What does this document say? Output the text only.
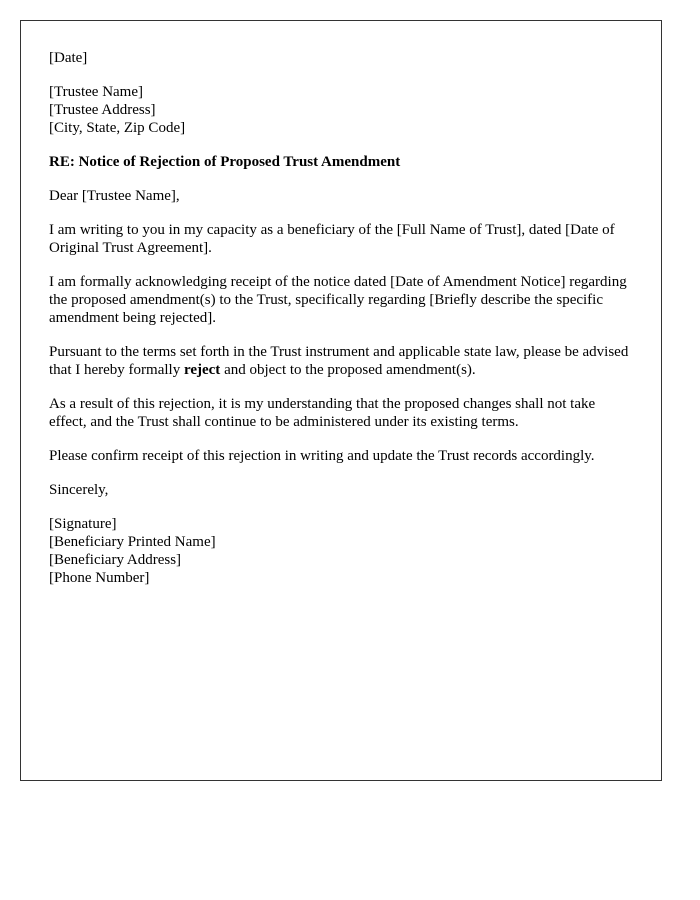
[Date]

[Trustee Name]
[Trustee Address]
[City, State, Zip Code]

RE: Notice of Rejection of Proposed Trust Amendment

Dear [Trustee Name],

I am writing to you in my capacity as a beneficiary of the [Full Name of Trust], dated [Date of Original Trust Agreement].

I am formally acknowledging receipt of the notice dated [Date of Amendment Notice] regarding the proposed amendment(s) to the Trust, specifically regarding [Briefly describe the specific amendment being rejected].

Pursuant to the terms set forth in the Trust instrument and applicable state law, please be advised that I hereby formally reject and object to the proposed amendment(s).

As a result of this rejection, it is my understanding that the proposed changes shall not take effect, and the Trust shall continue to be administered under its existing terms.

Please confirm receipt of this rejection in writing and update the Trust records accordingly.

Sincerely,

[Signature]
[Beneficiary Printed Name]
[Beneficiary Address]
[Phone Number]
